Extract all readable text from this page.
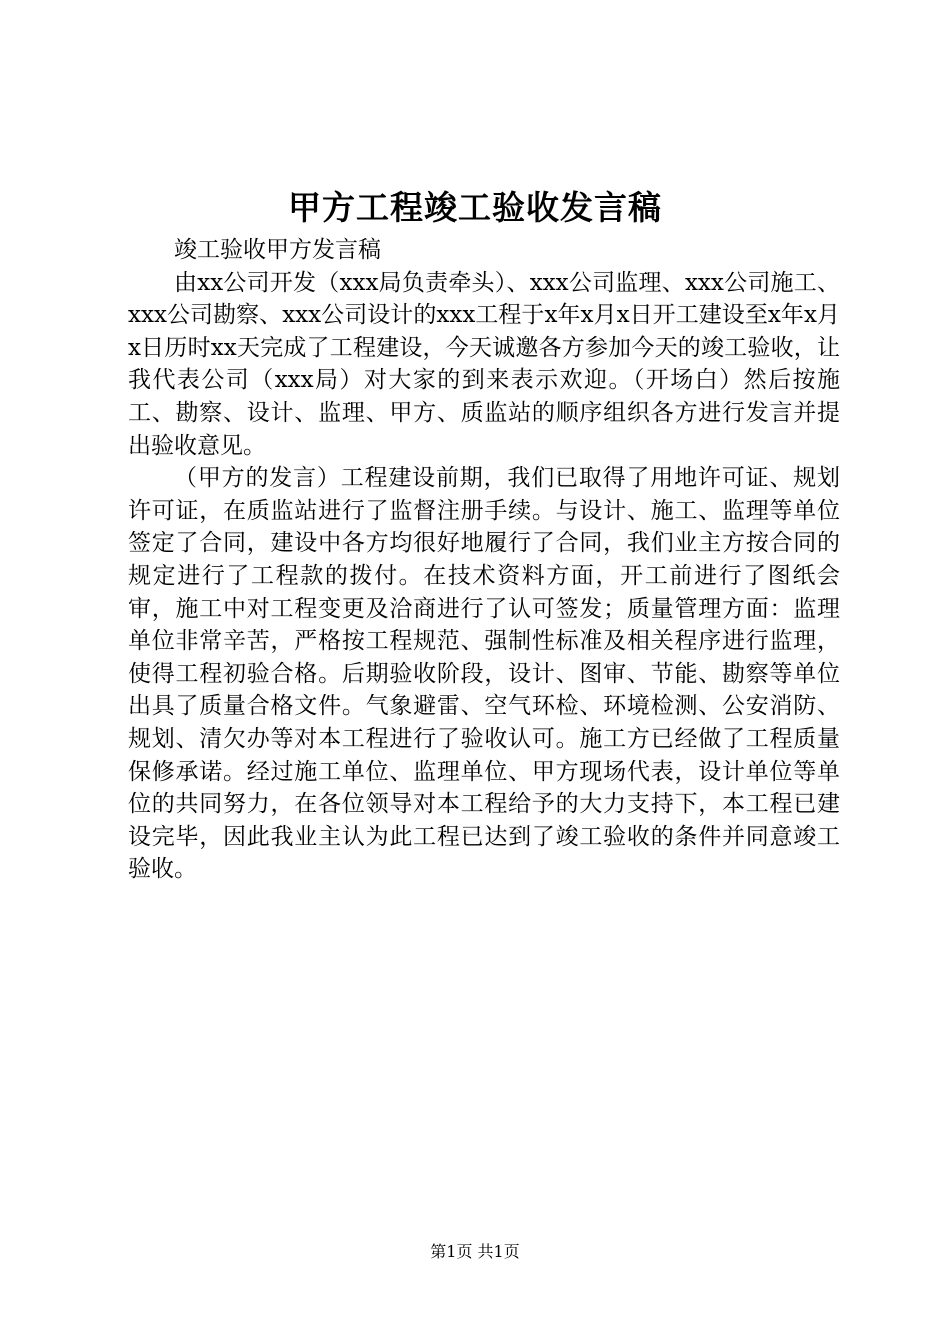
甲方工程竣工验收发言稿

竣工验收甲方发言稿

由xx公司开发（xxx局负责牵头）、xxx公司监理、xxx公司施工、xxx公司勘察、xxx公司设计的xxx工程于x年x月x日开工建设至x年x月x日历时xx天完成了工程建设，今天诚邀各方参加今天的竣工验收，让我代表公司（xxx局）对大家的到来表示欢迎。（开场白）然后按施工、勘察、设计、监理、甲方、质监站的顺序组织各方进行发言并提出验收意见。

（甲方的发言）工程建设前期，我们已取得了用地许可证、规划许可证，在质监站进行了监督注册手续。与设计、施工、监理等单位签定了合同，建设中各方均很好地履行了合同，我们业主方按合同的规定进行了工程款的拨付。在技术资料方面，开工前进行了图纸会审，施工中对工程变更及洽商进行了认可签发；质量管理方面：监理单位非常辛苦，严格按工程规范、强制性标准及相关程序进行监理，使得工程初验合格。后期验收阶段，设计、图审、节能、勘察等单位出具了质量合格文件。气象避雷、空气环检、环境检测、公安消防、规划、清欠办等对本工程进行了验收认可。施工方已经做了工程质量保修承诺。经过施工单位、监理单位、甲方现场代表，设计单位等单位的共同努力，在各位领导对本工程给予的大力支持下，本工程已建设完毕，因此我业主认为此工程已达到了竣工验收的条件并同意竣工验收。

第1页 共1页
